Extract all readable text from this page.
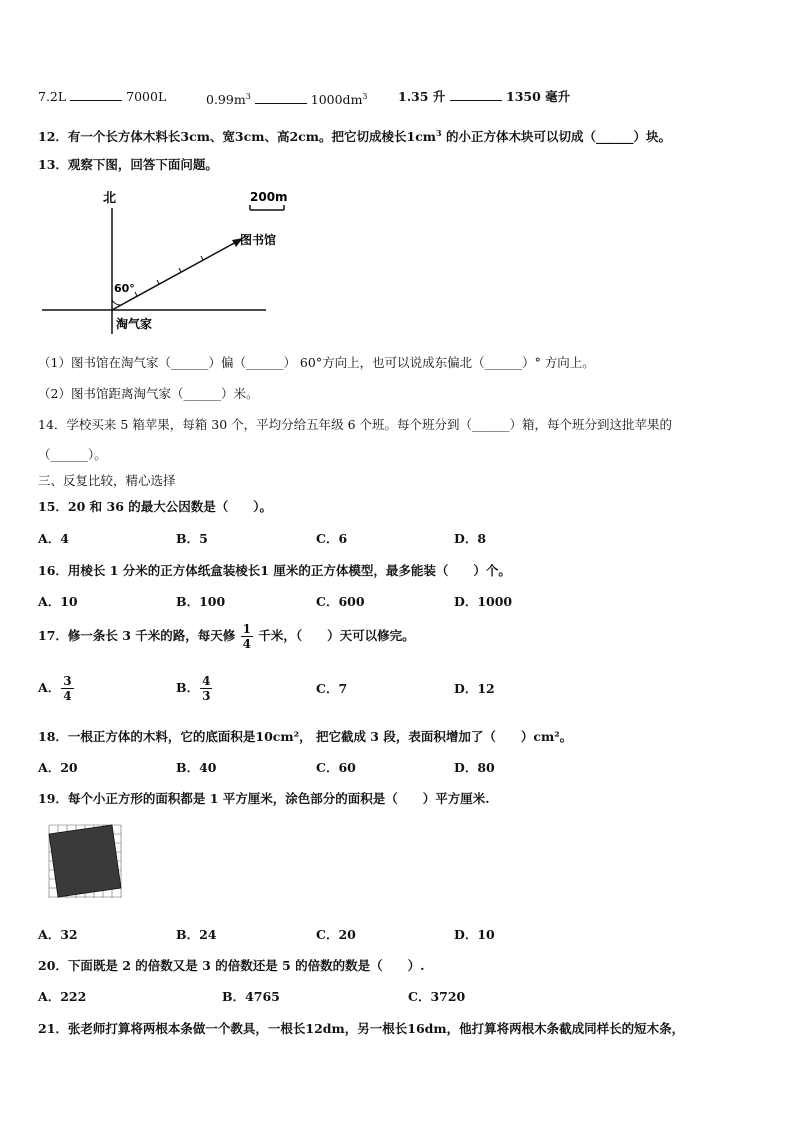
7.2L	7000L	$0.99m^3$	$1000dm^3$ 1.35 升	1350 毫升
12．有一个长方体木料长3cm、宽3cm、高2cm。把它切成棱长$1cm^3$ 的小正方体木块可以切成（______）块。
13．观察下图，回答下面问题。
北	200m
60°
图书馆
淘气家
（1）图书馆在淘气家（______）偏（______） 60°方向上，也可以说成东偏北（______）° 方向上。
（2）图书馆距离淘气家（______）米。
14．学校买来 5 箱苹果，每箱 30 个，平均分给五年级 6 个班。每个班分到（______）箱，每个班分到这批苹果的
（______）。
三、反复比较，精心选择
15．20 和 36 的最大公因数是（　　）。
A．4	B．5	C．6	D．8
16．用棱长 1 分米的正方体纸盒装棱长1 厘米的正方体模型，最多能装（　　）个。
A．10	B．100	C．600	D．1000
17．修一条长 3 千米的路，每天修 $\frac{1}{4}$ 千米，（　　）天可以修完。
A． $\frac{3}{4}$	B． $\frac{4}{3}$	C．7	D．12
18．一根正方体的木料，它的底面积是10cm²， 把它截成 3 段，表面积增加了（　　）cm²。
A．20	B．40	C．60	D．80
19．每个小正方形的面积都是 1 平方厘米，涂色部分的面积是（　　）平方厘米.
A．32	B．24	C．20	D．10
20．下面既是 2 的倍数又是 3 的倍数还是 5 的倍数的数是（　　）.
A．222	B．4765	C．3720
21．张老师打算将两根本条做一个教具，一根长12dm，另一根长16dm，他打算将两根木条截成同样长的短木条，
